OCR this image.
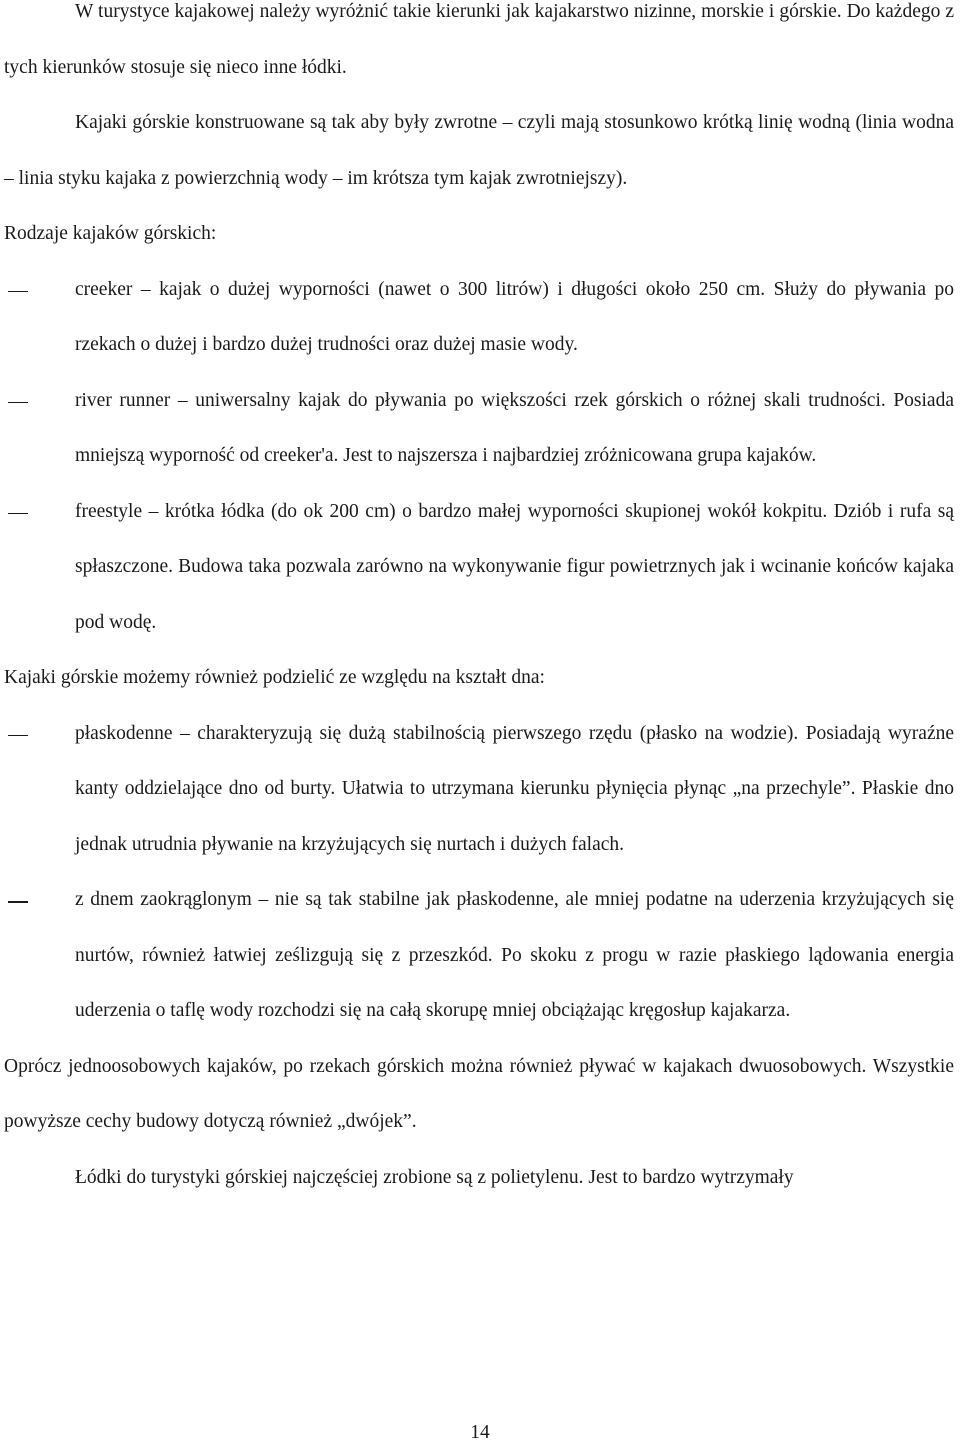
W turystyce kajakowej należy wyróżnić takie kierunki jak kajakarstwo nizinne, morskie i górskie. Do każdego z tych kierunków stosuje się nieco inne łódki.

Kajaki górskie konstruowane są tak aby były zwrotne – czyli mają stosunkowo krótką linię wodną (linia wodna – linia styku kajaka z powierzchnią wody – im krótsza tym kajak zwrotniejszy).

Rodzaje kajaków górskich:

creeker – kajak o dużej wyporności (nawet o 300 litrów) i długości około 250 cm. Służy do pływania po rzekach o dużej i bardzo dużej trudności oraz dużej masie wody.

river runner – uniwersalny kajak do pływania po większości rzek górskich o różnej skali trudności. Posiada mniejszą wyporność od creeker'a. Jest to najszersza i najbardziej zróżnicowana grupa kajaków.

freestyle – krótka łódka (do ok 200 cm) o bardzo małej wyporności skupionej wokół kokpitu. Dziób i rufa są spłaszczone. Budowa taka pozwala zarówno na wykonywanie figur powietrznych jak i wcinanie końców kajaka pod wodę.

Kajaki górskie możemy również podzielić ze względu na kształt dna:

płaskodenne – charakteryzują się dużą stabilnością pierwszego rzędu (płasko na wodzie). Posiadają wyraźne kanty oddzielające dno od burty. Ułatwia to utrzymana kierunku płynięcia płynąc „na przechyle”. Płaskie dno jednak utrudnia pływanie na krzyżujących się nurtach i dużych falach.

z dnem zaokrąglonym – nie są tak stabilne jak płaskodenne, ale mniej podatne na uderzenia krzyżujących się nurtów, również łatwiej ześlizgują się z przeszkód. Po skoku z progu w razie płaskiego lądowania energia uderzenia o taflę wody rozchodzi się na całą skorupę mniej obciążając kręgosłup kajakarza.

Oprócz jednoosobowych kajaków, po rzekach górskich można również pływać w kajakach dwuosobowych. Wszystkie powyższe cechy budowy dotyczą również „dwójek”.

Łódki do turystyki górskiej najczęściej zrobione są z polietylenu. Jest to bardzo wytrzymały

14
